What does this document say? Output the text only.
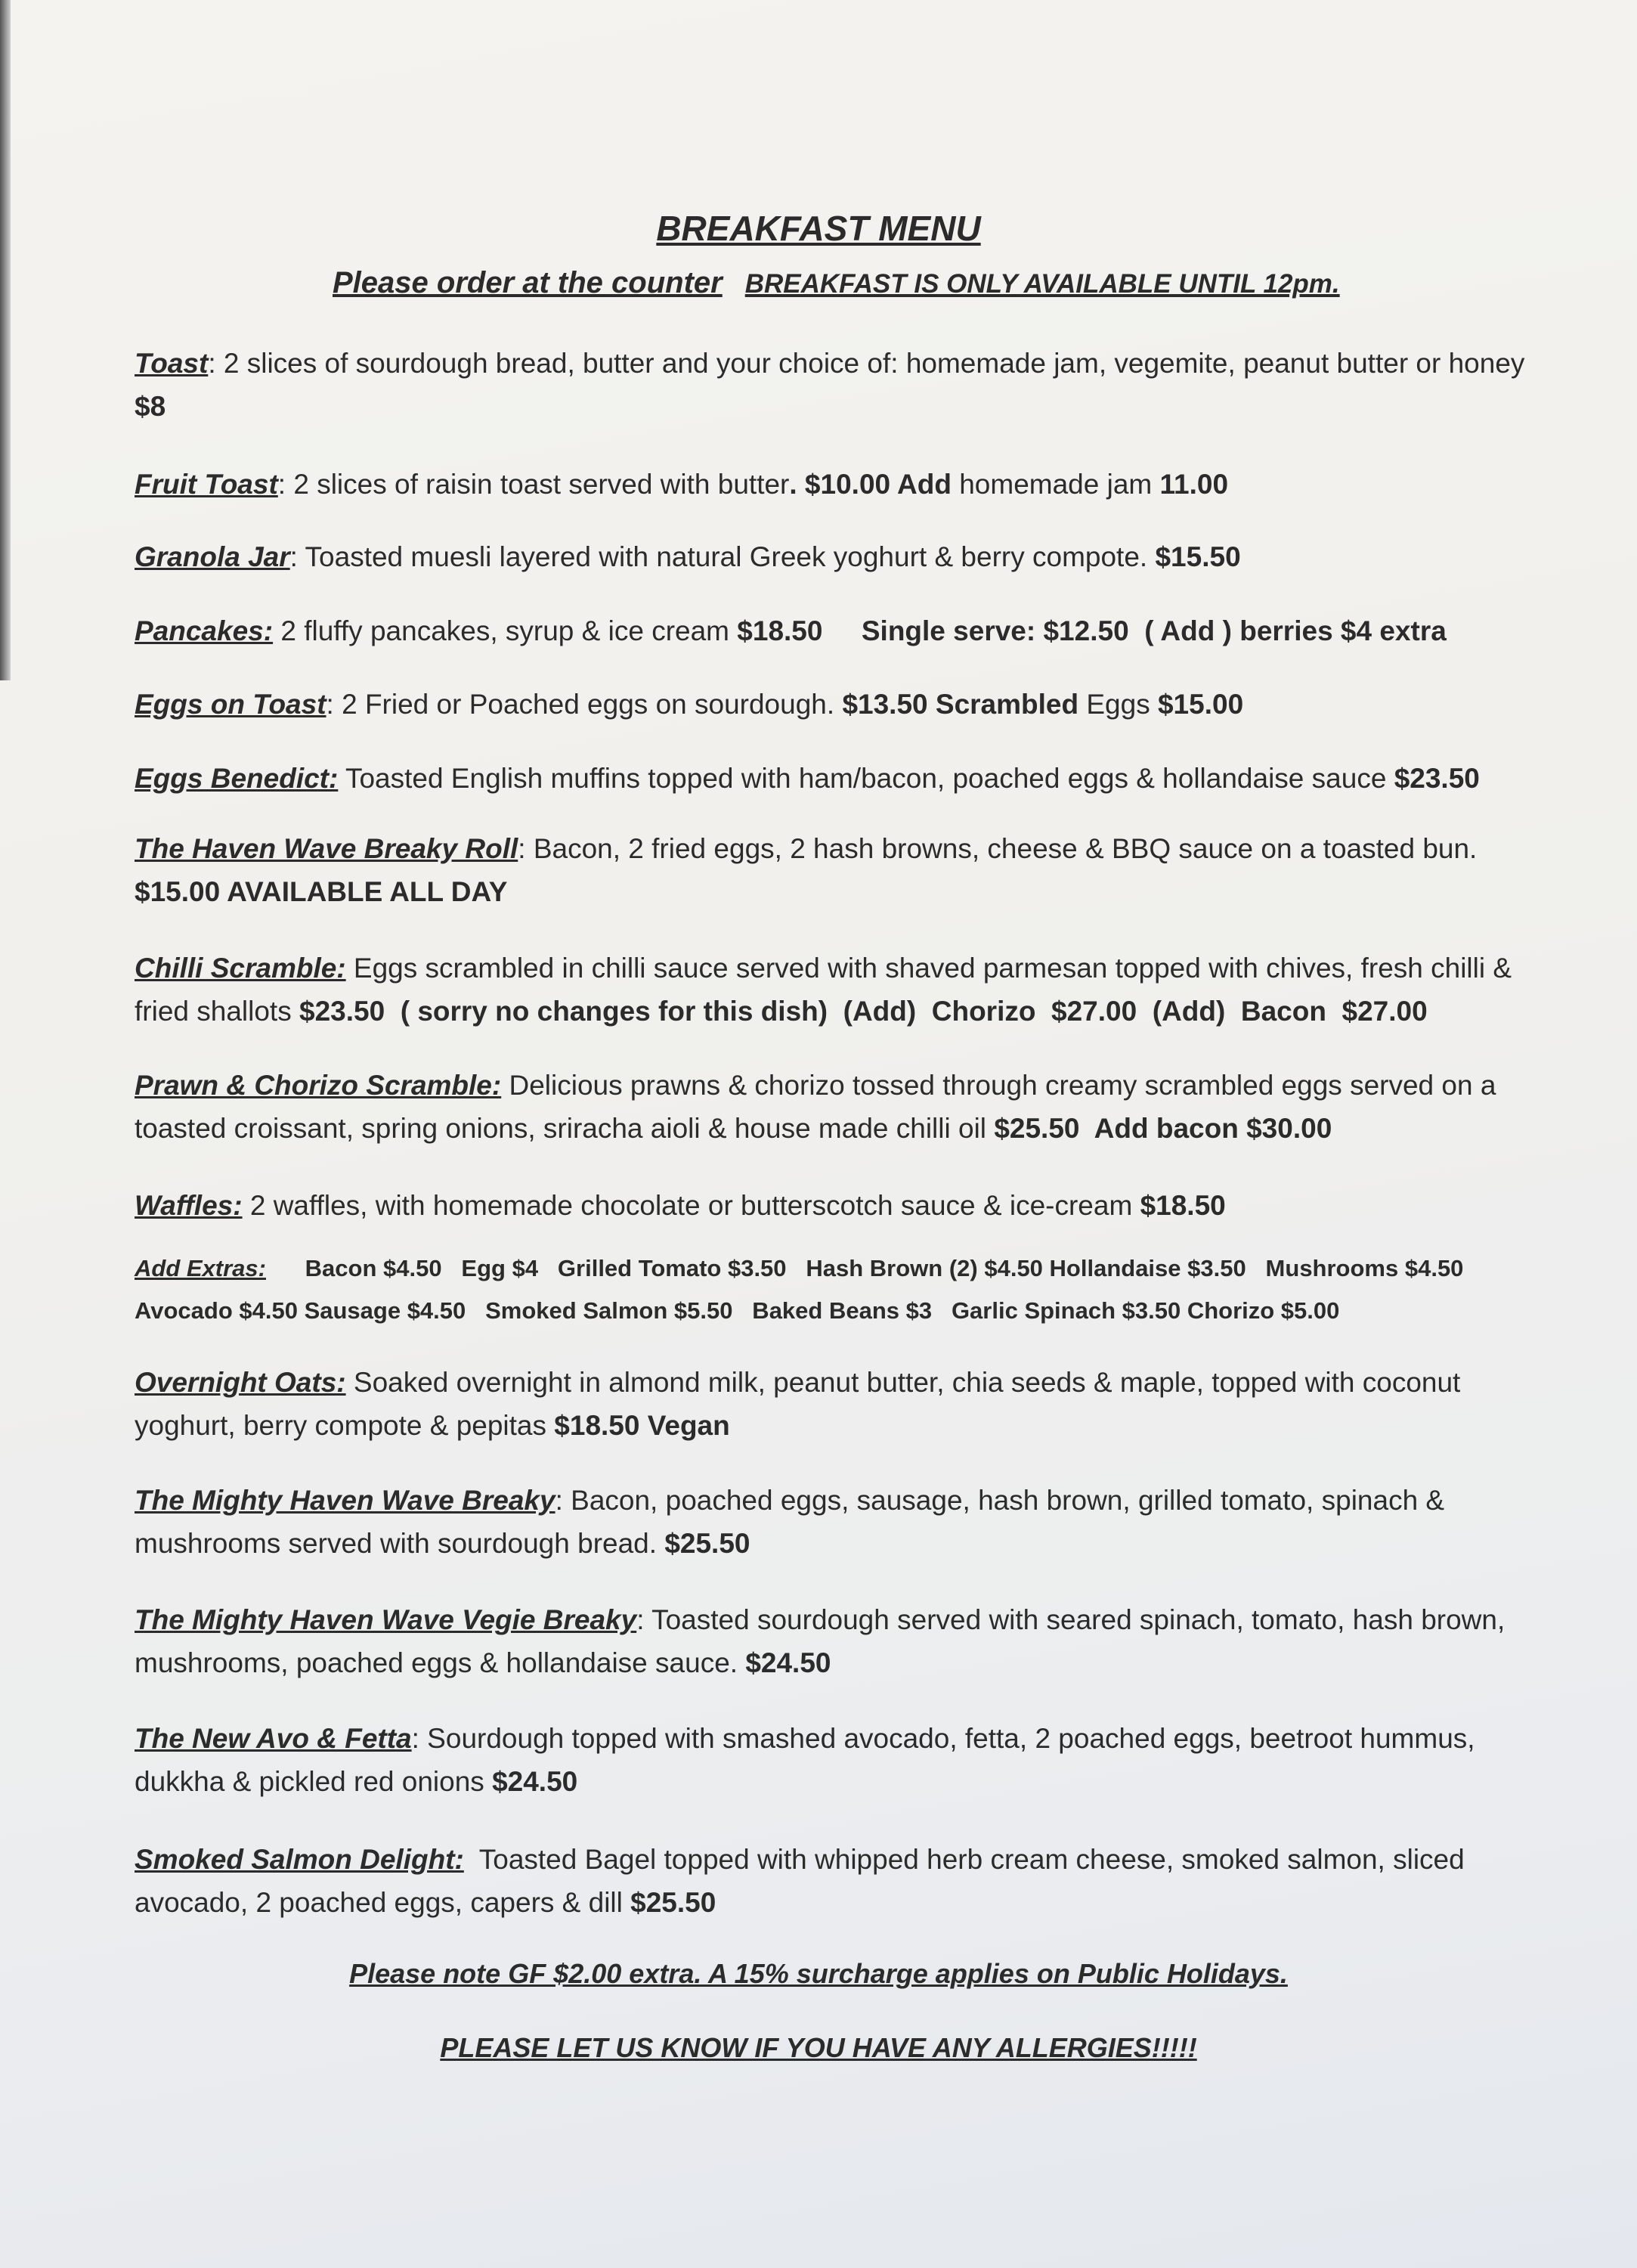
BREAKFAST MENU
Please order at the counter BREAKFAST IS ONLY AVAILABLE UNTIL 12pm.
Toast: 2 slices of sourdough bread, butter and your choice of: homemade jam, vegemite, peanut butter or honey $8
Fruit Toast: 2 slices of raisin toast served with butter. $10.00 Add homemade jam 11.00
Granola Jar: Toasted muesli layered with natural Greek yoghurt & berry compote. $15.50
Pancakes: 2 fluffy pancakes, syrup & ice cream $18.50     Single serve: $12.50  ( Add ) berries $4 extra
Eggs on Toast: 2 Fried or Poached eggs on sourdough. $13.50 Scrambled Eggs $15.00
Eggs Benedict: Toasted English muffins topped with ham/bacon, poached eggs & hollandaise sauce $23.50
The Haven Wave Breaky Roll: Bacon, 2 fried eggs, 2 hash browns, cheese & BBQ sauce on a toasted bun. $15.00 AVAILABLE ALL DAY
Chilli Scramble: Eggs scrambled in chilli sauce served with shaved parmesan topped with chives, fresh chilli & fried shallots $23.50  ( sorry no changes for this dish)  (Add)  Chorizo  $27.00  (Add)  Bacon  $27.00
Prawn & Chorizo Scramble: Delicious prawns & chorizo tossed through creamy scrambled eggs served on a toasted croissant, spring onions, sriracha aioli & house made chilli oil $25.50  Add bacon $30.00
Waffles: 2 waffles, with homemade chocolate or butterscotch sauce & ice-cream $18.50
Add Extras:      Bacon $4.50   Egg $4   Grilled Tomato $3.50   Hash Brown (2) $4.50 Hollandaise $3.50   Mushrooms $4.50 Avocado $4.50 Sausage $4.50   Smoked Salmon $5.50   Baked Beans $3   Garlic Spinach $3.50 Chorizo $5.00
Overnight Oats: Soaked overnight in almond milk, peanut butter, chia seeds & maple, topped with coconut yoghurt, berry compote & pepitas $18.50 Vegan
The Mighty Haven Wave Breaky: Bacon, poached eggs, sausage, hash brown, grilled tomato, spinach & mushrooms served with sourdough bread. $25.50
The Mighty Haven Wave Vegie Breaky: Toasted sourdough served with seared spinach, tomato, hash brown, mushrooms, poached eggs & hollandaise sauce. $24.50
The New Avo & Fetta: Sourdough topped with smashed avocado, fetta, 2 poached eggs, beetroot hummus, dukkha & pickled red onions $24.50
Smoked Salmon Delight:  Toasted Bagel topped with whipped herb cream cheese, smoked salmon, sliced avocado, 2 poached eggs, capers & dill $25.50
Please note GF $2.00 extra. A 15% surcharge applies on Public Holidays.
PLEASE LET US KNOW IF YOU HAVE ANY ALLERGIES!!!!!
